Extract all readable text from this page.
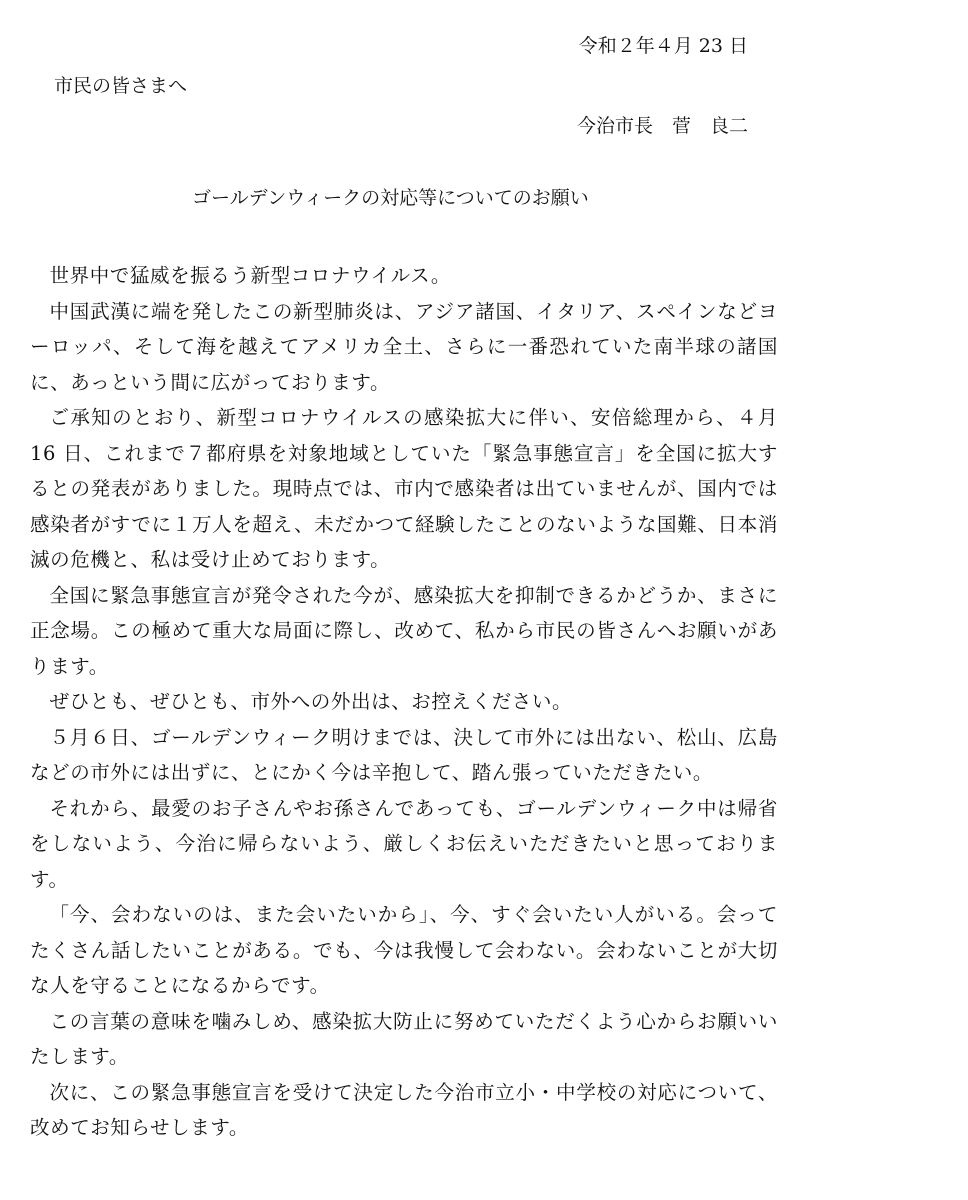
令和２年４月 23 日
市民の皆さまへ
今治市長　菅　良二
ゴールデンウィークの対応等についてのお願い

世界中で猛威を振るう新型コロナウイルス。

中国武漢に端を発したこの新型肺炎は、アジア諸国、イタリア、スペインなどヨーロッパ、そして海を越えてアメリカ全土、さらに一番恐れていた南半球の諸国に、あっという間に広がっております。

ご承知のとおり、新型コロナウイルスの感染拡大に伴い、安倍総理から、４月 16 日、これまで７都府県を対象地域としていた「緊急事態宣言」を全国に拡大するとの発表がありました。現時点では、市内で感染者は出ていませんが、国内では感染者がすでに１万人を超え、未だかつて経験したことのないような国難、日本消滅の危機と、私は受け止めております。

全国に緊急事態宣言が発令された今が、感染拡大を抑制できるかどうか、まさに正念場。この極めて重大な局面に際し、改めて、私から市民の皆さんへお願いがあります。

ぜひとも、ぜひとも、市外への外出は、お控えください。

５月６日、ゴールデンウィーク明けまでは、決して市外には出ない、松山、広島などの市外には出ずに、とにかく今は辛抱して、踏ん張っていただきたい。

それから、最愛のお子さんやお孫さんであっても、ゴールデンウィーク中は帰省をしないよう、今治に帰らないよう、厳しくお伝えいただきたいと思っております。

「今、会わないのは、また会いたいから」、今、すぐ会いたい人がいる。会ってたくさん話したいことがある。でも、今は我慢して会わない。会わないことが大切な人を守ることになるからです。

この言葉の意味を噛みしめ、感染拡大防止に努めていただくよう心からお願いいたします。

次に、この緊急事態宣言を受けて決定した今治市立小・中学校の対応について、改めてお知らせします。
